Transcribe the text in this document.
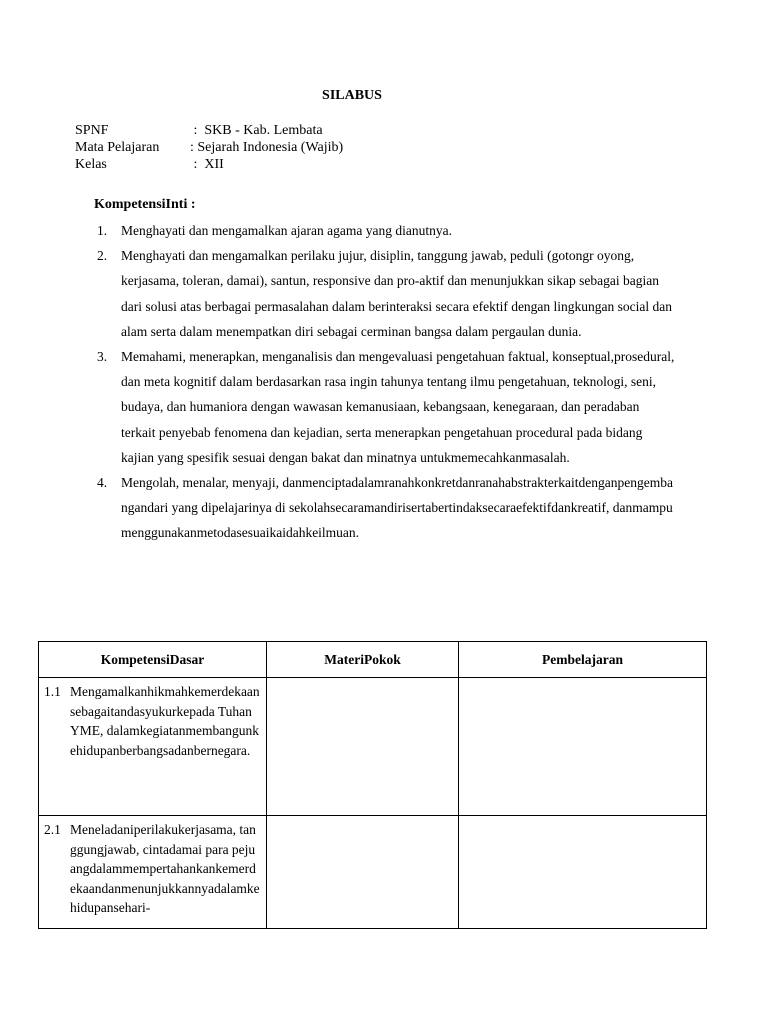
SILABUS
SPNF	:  SKB - Kab. Lembata
Mata Pelajaran	: Sejarah Indonesia (Wajib)
Kelas	:  XII
KompetensiInti :
1.	Menghayati dan mengamalkan ajaran agama yang dianutnya.
2.	Menghayati dan mengamalkan perilaku jujur, disiplin, tanggung jawab, peduli (gotongr oyong, kerjasama, toleran, damai), santun, responsive dan pro-aktif dan menunjukkan sikap sebagai bagian dari solusi atas berbagai permasalahan dalam berinteraksi secara efektif dengan lingkungan social dan alam serta dalam menempatkan diri sebagai cerminan bangsa dalam pergaulan dunia.
3.	Memahami, menerapkan, menganalisis dan mengevaluasi pengetahuan faktual, konseptual,prosedural, dan meta kognitif dalam berdasarkan rasa ingin tahunya tentang ilmu pengetahuan, teknologi, seni, budaya, dan humaniora dengan wawasan kemanusiaan, kebangsaan, kenegaraan, dan peradaban terkait penyebab fenomena dan kejadian, serta menerapkan pengetahuan procedural pada bidang kajian yang spesifik sesuai dengan bakat dan minatnya untukmemecahkanmasalah.
4.	Mengolah, menalar, menyaji, danmenciptadalamranahkonkretdanranahabstrakterkaitdenganpengembangandari yang dipelajarinya di sekolahsecaramandirisertabertindaksecaraefektifdankreatif, danmampumenggunakanmetodasesuaikaidahkeilmuan.
KompetensiDasar	MateriPokok	Pembelajaran

1.1 Mengamalkanhikmahkemerdekaansebagaitandasyukurkepada Tuhan YME, dalamkegiatanmembangunkehidupanberbangsadanbernegara.		

2.1 Meneladaniperilakukerjasama, tanggungjawab, cintadamai para pejuangdalammempertahankankemerdekaandanmenunjukkannyadalamkehidupansehari-		
